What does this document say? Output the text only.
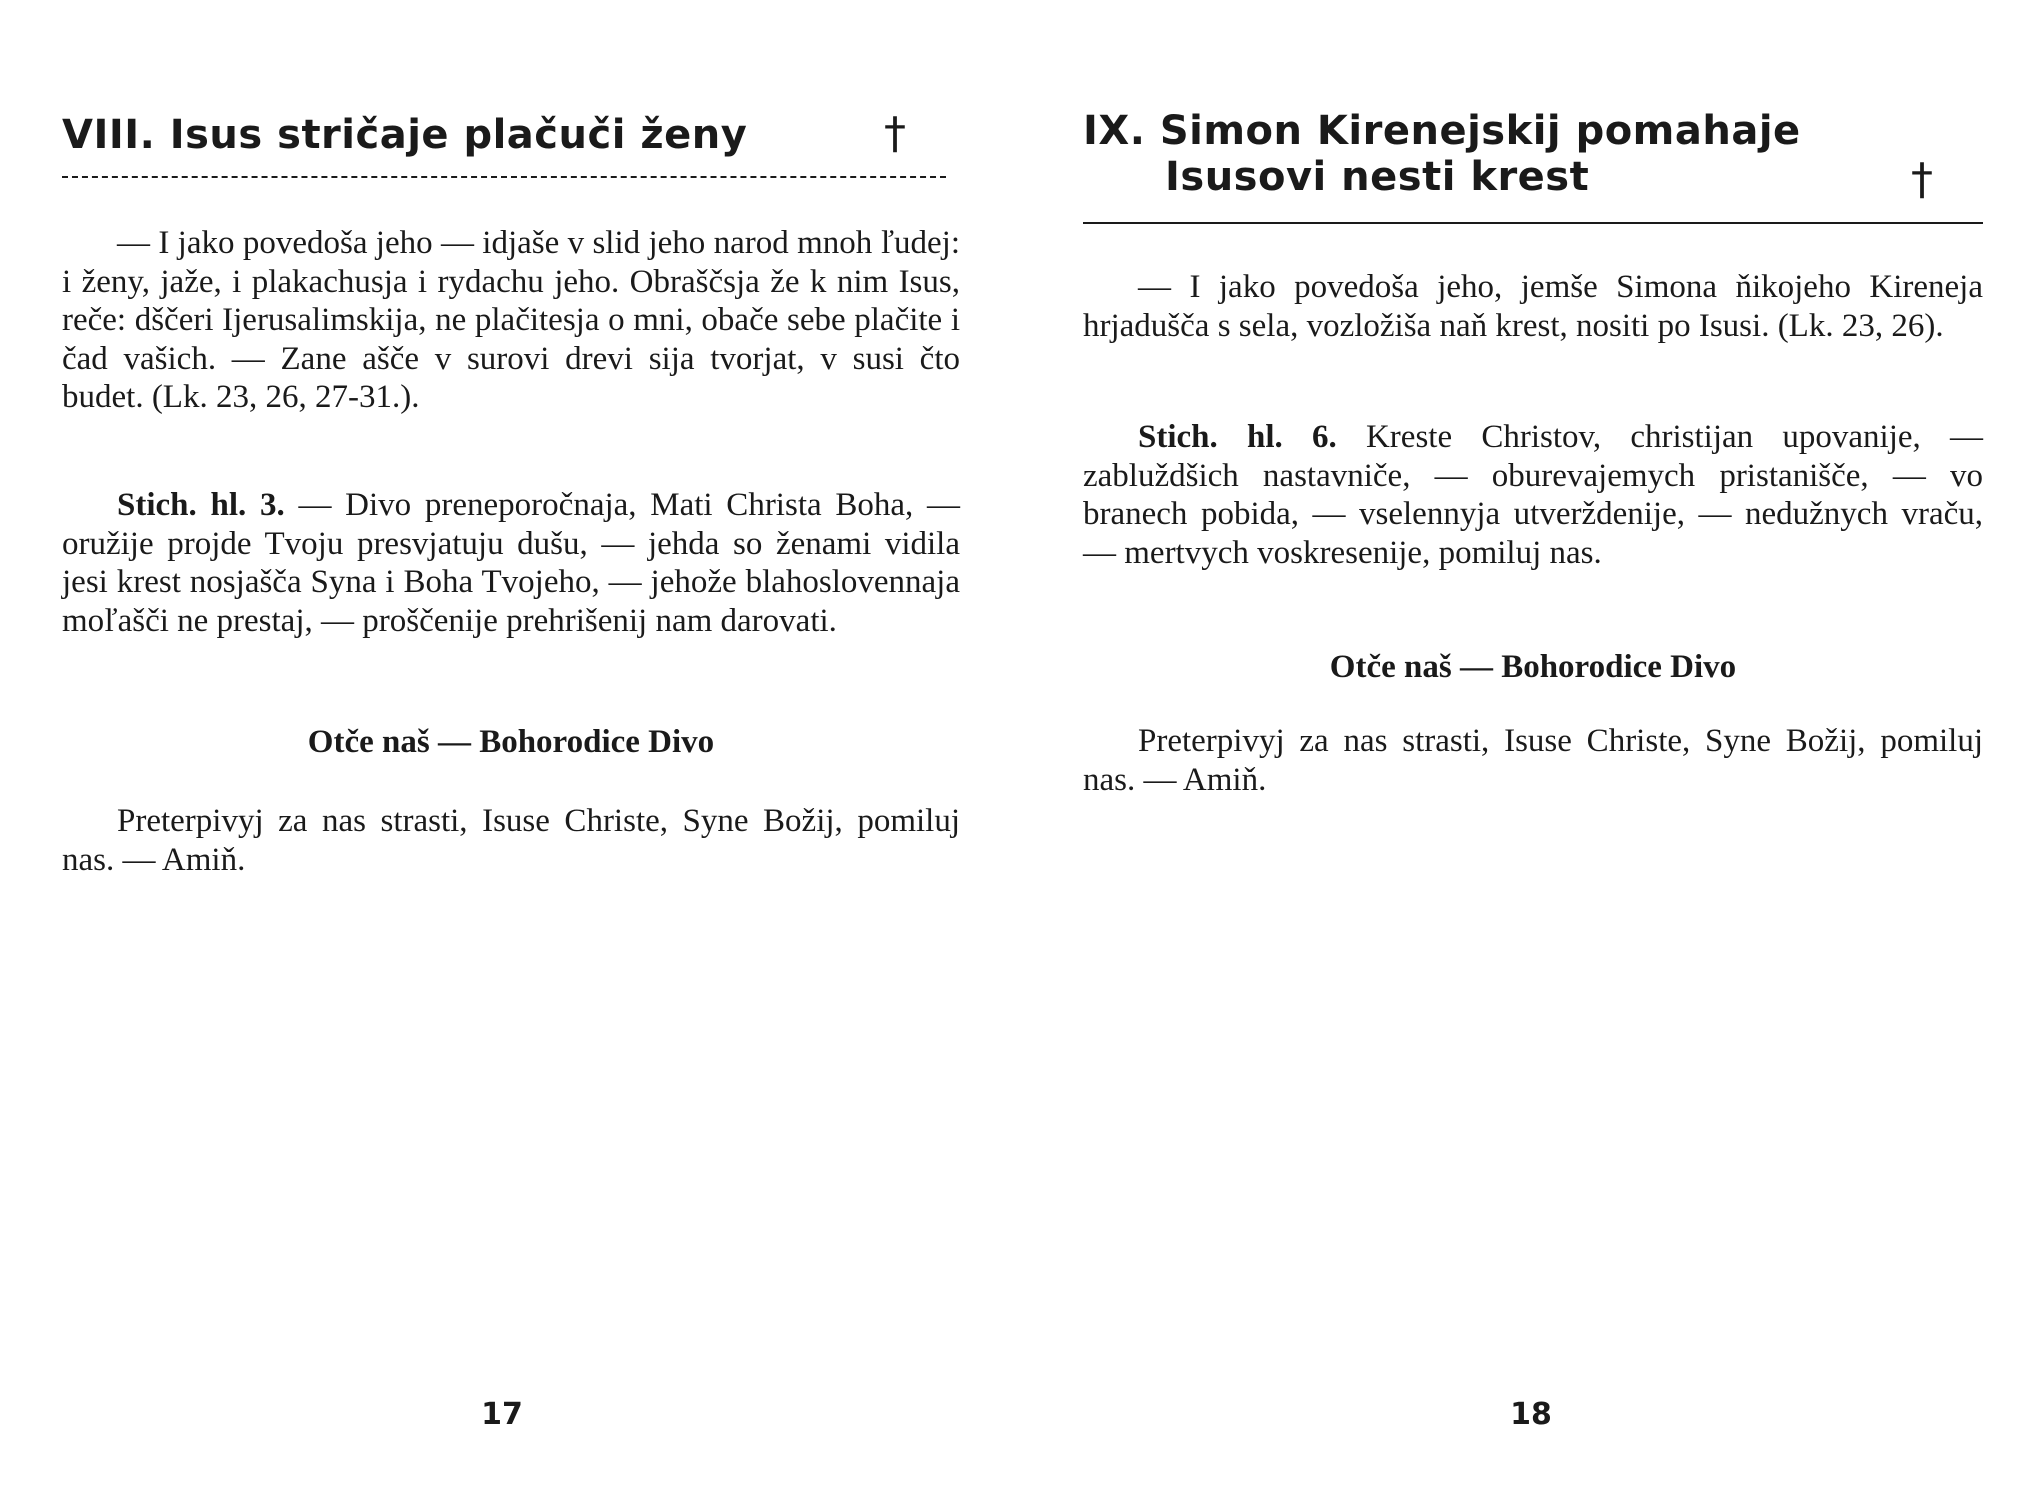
VIII. Isus stričaje plačuči ženy	†

— I jako povedoša jeho — idjaše v slid jeho narod mnoh ľudej: i ženy, jaže, i plakachusja i rydachu jeho. Obraščsja že k nim Isus, reče: dščeri Ijerusalimskija, ne plačitesja o mni, obače sebe plačite i čad vašich. — Zane ašče v surovi drevi sija tvorjat, v susi čto budet. (Lk. 23, 26, 27-31.).

Stich. hl. 3. — Divo preneporočnaja, Mati Christa Boha, — oružije projde Tvoju presvjatuju dušu, — jehda so ženami vidila jesi krest nosjašča Syna i Boha Tvojeho, — jehože blahoslovennaja moľašči ne prestaj, — proščenije prehrišenij nam darovati.

Otče naš — Bohorodice Divo

Preterpivyj za nas strasti, Isuse Christe, Syne Božij, pomiluj nas. — Amiň.

17
IX. Simon Kirenejskij pomahaje
Isusovi nesti krest	†

— I jako povedoša jeho, jemše Simona ňikojeho Kireneja hrjadušča s sela, vozložiša naň krest, nositi po Isusi. (Lk. 23, 26).

Stich. hl. 6. Kreste Christov, christijan upovanije, — zabluždšich nastavniče, — oburevajemych pristanišče, — vo branech pobida, — vselennyja utverždenije, — nedužnych vraču, — mertvych voskresenije, pomiluj nas.

Otče naš — Bohorodice Divo

Preterpivyj za nas strasti, Isuse Christe, Syne Božij, pomiluj nas. — Amiň.

18
